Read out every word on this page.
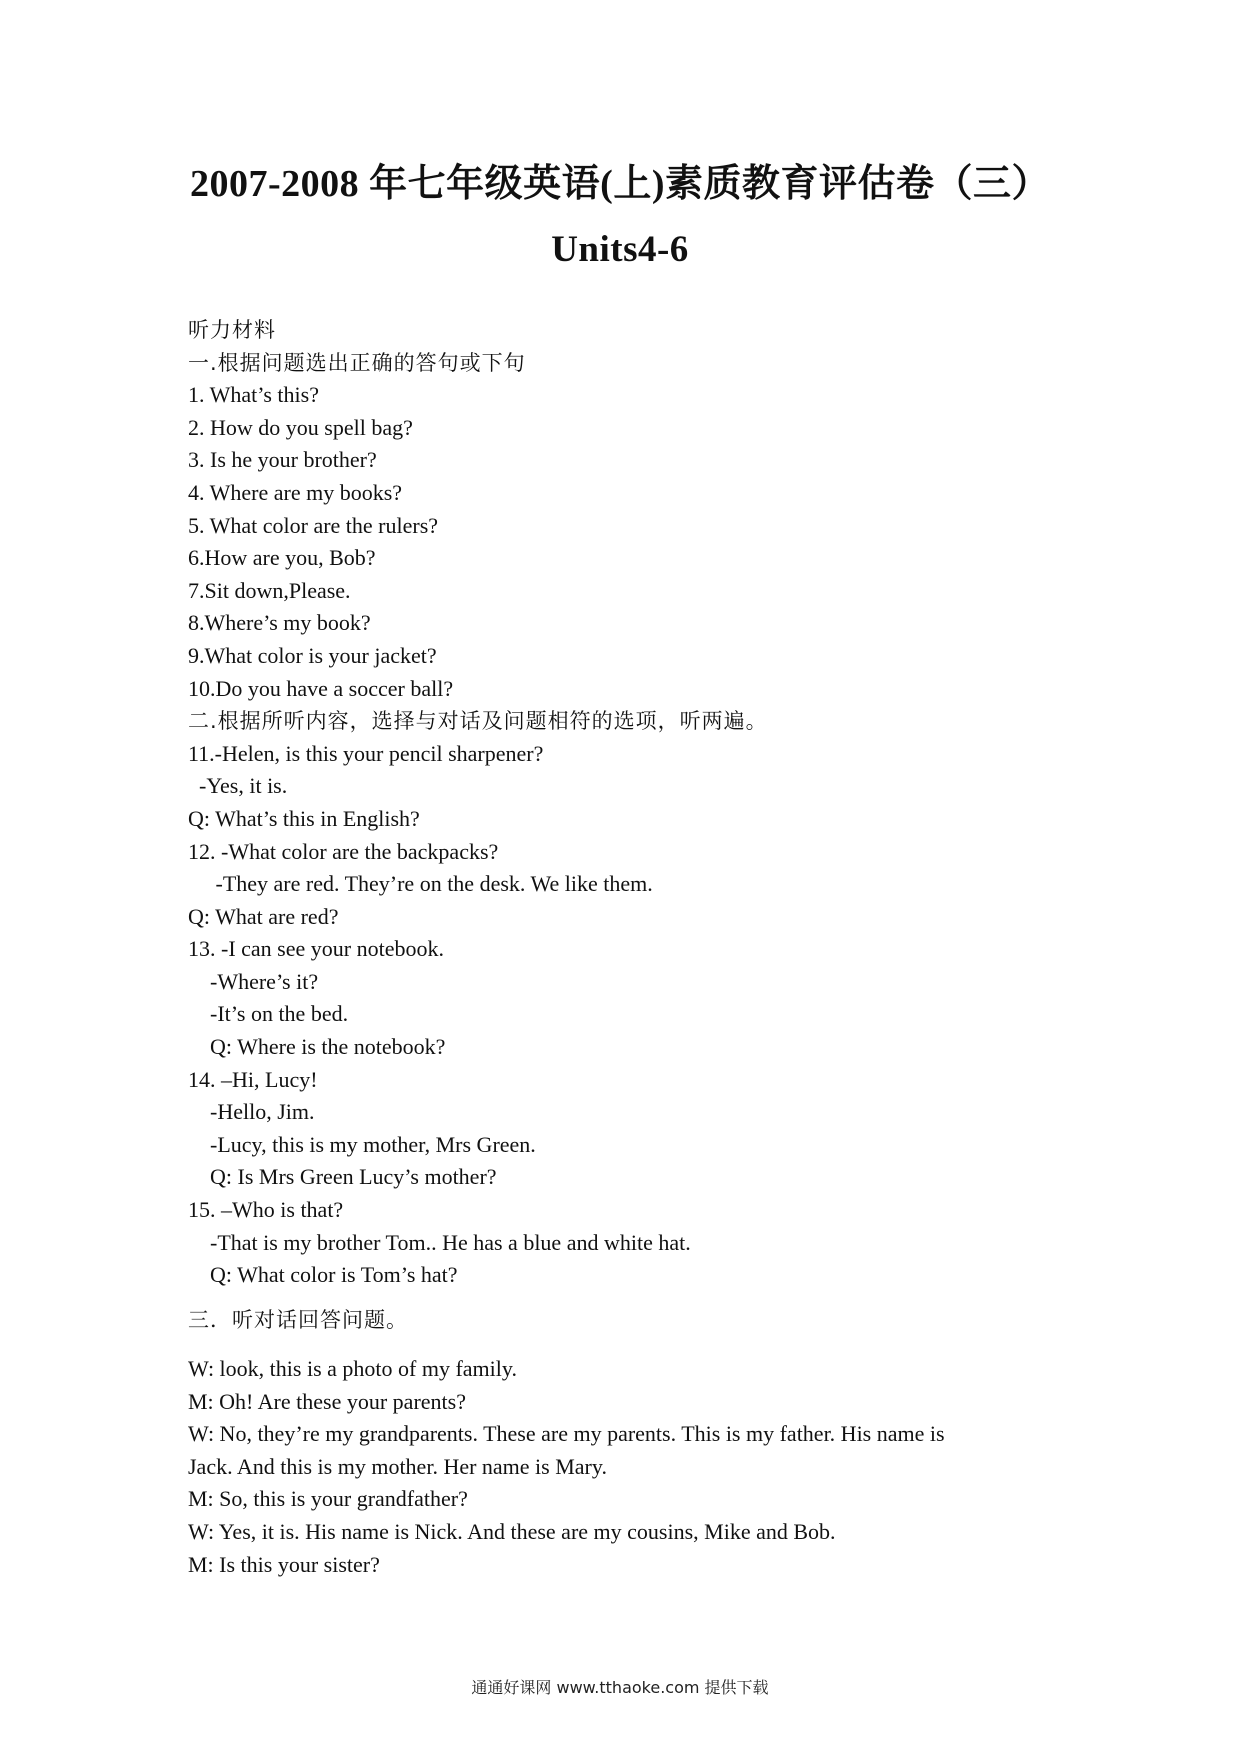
2007-2008 年七年级英语(上)素质教育评估卷（三）
Units4-6
听力材料
一.根据问题选出正确的答句或下句
1. What’s this?
2. How do you spell bag?
3. Is he your brother?
4. Where are my books?
5. What color are the rulers?
6.How are you, Bob?
7.Sit down,Please.
8.Where’s my book?
9.What color is your jacket?
10.Do you have a soccer ball?
二.根据所听内容，选择与对话及问题相符的选项，听两遍。
11.-Helen, is this your pencil sharpener?
-Yes, it is.
Q: What’s this in English?
12. -What color are the backpacks?
-They are red. They’re on the desk. We like them.
Q: What are red?
13. -I can see your notebook.
-Where’s it?
-It’s on the bed.
Q: Where is the notebook?
14. –Hi, Lucy!
-Hello, Jim.
-Lucy, this is my mother, Mrs Green.
Q: Is Mrs Green Lucy’s mother?
15. –Who is that?
-That is my brother Tom.. He has a blue and white hat.
Q: What color is Tom’s hat?
三．听对话回答问题。
W: look, this is a photo of my family.
M: Oh! Are these your parents?
W: No, they’re my grandparents. These are my parents. This is my father. His name is
Jack. And this is my mother. Her name is Mary.
M: So, this is your grandfather?
W: Yes, it is. His name is Nick. And these are my cousins, Mike and Bob.
M: Is this your sister?
通通好课网 www.tthaoke.com 提供下载
